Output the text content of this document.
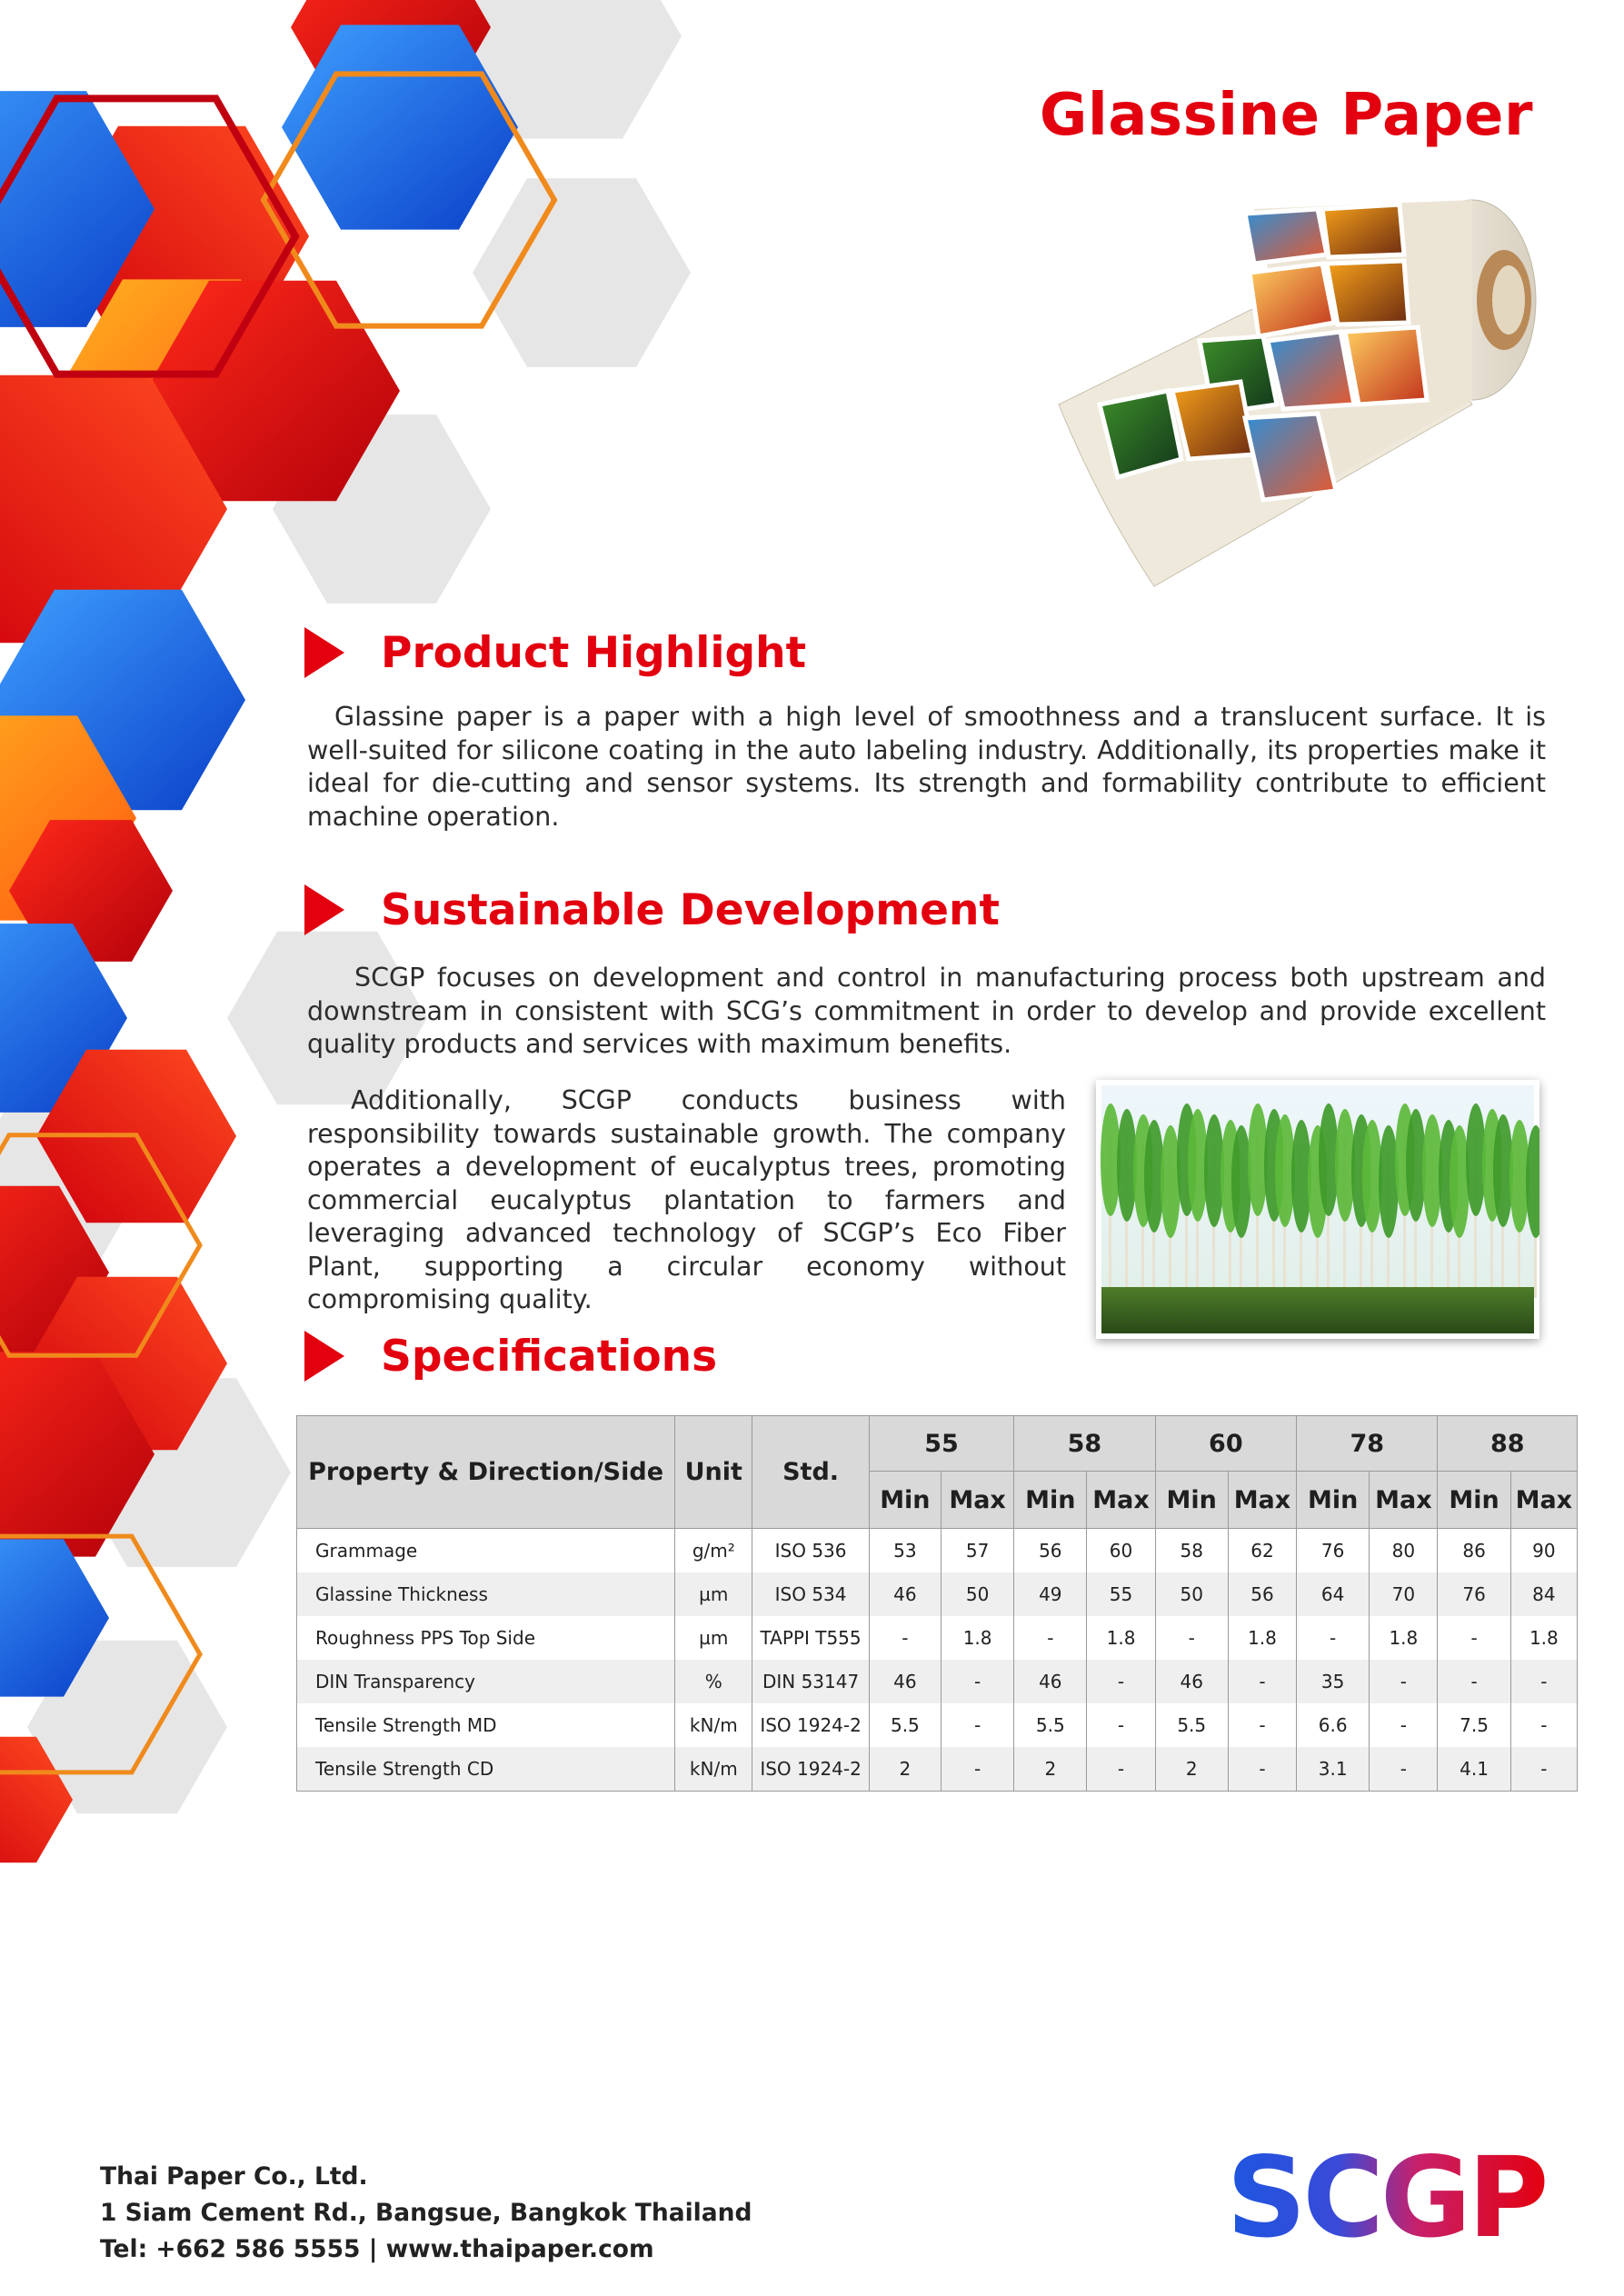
Glassine Paper
Product Highlight

Glassine paper is a paper with a high level of smoothness and a translucent surface. It is well-suited for silicone coating in the auto labeling industry. Additionally, its properties make it ideal for die-cutting and sensor systems. Its strength and formability contribute to efficient machine operation.

Sustainable Development

SCGP focuses on development and control in manufacturing process both upstream and downstream in consistent with SCG’s commitment in order to develop and provide excellent quality products and services with maximum benefits.

Additionally, SCGP conducts business with responsibility towards sustainable growth. The company operates a development of eucalyptus trees, promoting commercial eucalyptus plantation to farmers and leveraging advanced technology of SCGP’s Eco Fiber Plant, supporting a circular economy without compromising quality.

Specifications
Property & Direction/Side	Unit	Std.	55		58		60		78		88	
			Min	Max	Min	Max	Min	Max	Min	Max	Min	Max
Grammage	g/m²	ISO 536	53	57	56	60	58	62	76	80	86	90
Glassine Thickness	µm	ISO 534	46	50	49	55	50	56	64	70	76	84
Roughness PPS Top Side	µm	TAPPI T555	-	1.8	-	1.8	-	1.8	-	1.8	-	1.8
DIN Transparency	%	DIN 53147	46	-	46	-	46	-	35	-	-	-
Tensile Strength MD	kN/m	ISO 1924-2	5.5	-	5.5	-	5.5	-	6.6	-	7.5	-
Tensile Strength CD	kN/m	ISO 1924-2	2	-	2	-	2	-	3.1	-	4.1	-
Thai Paper Co., Ltd.
1 Siam Cement Rd., Bangsue, Bangkok Thailand
Tel: +662 586 5555 | www.thaipaper.com	SCGP
